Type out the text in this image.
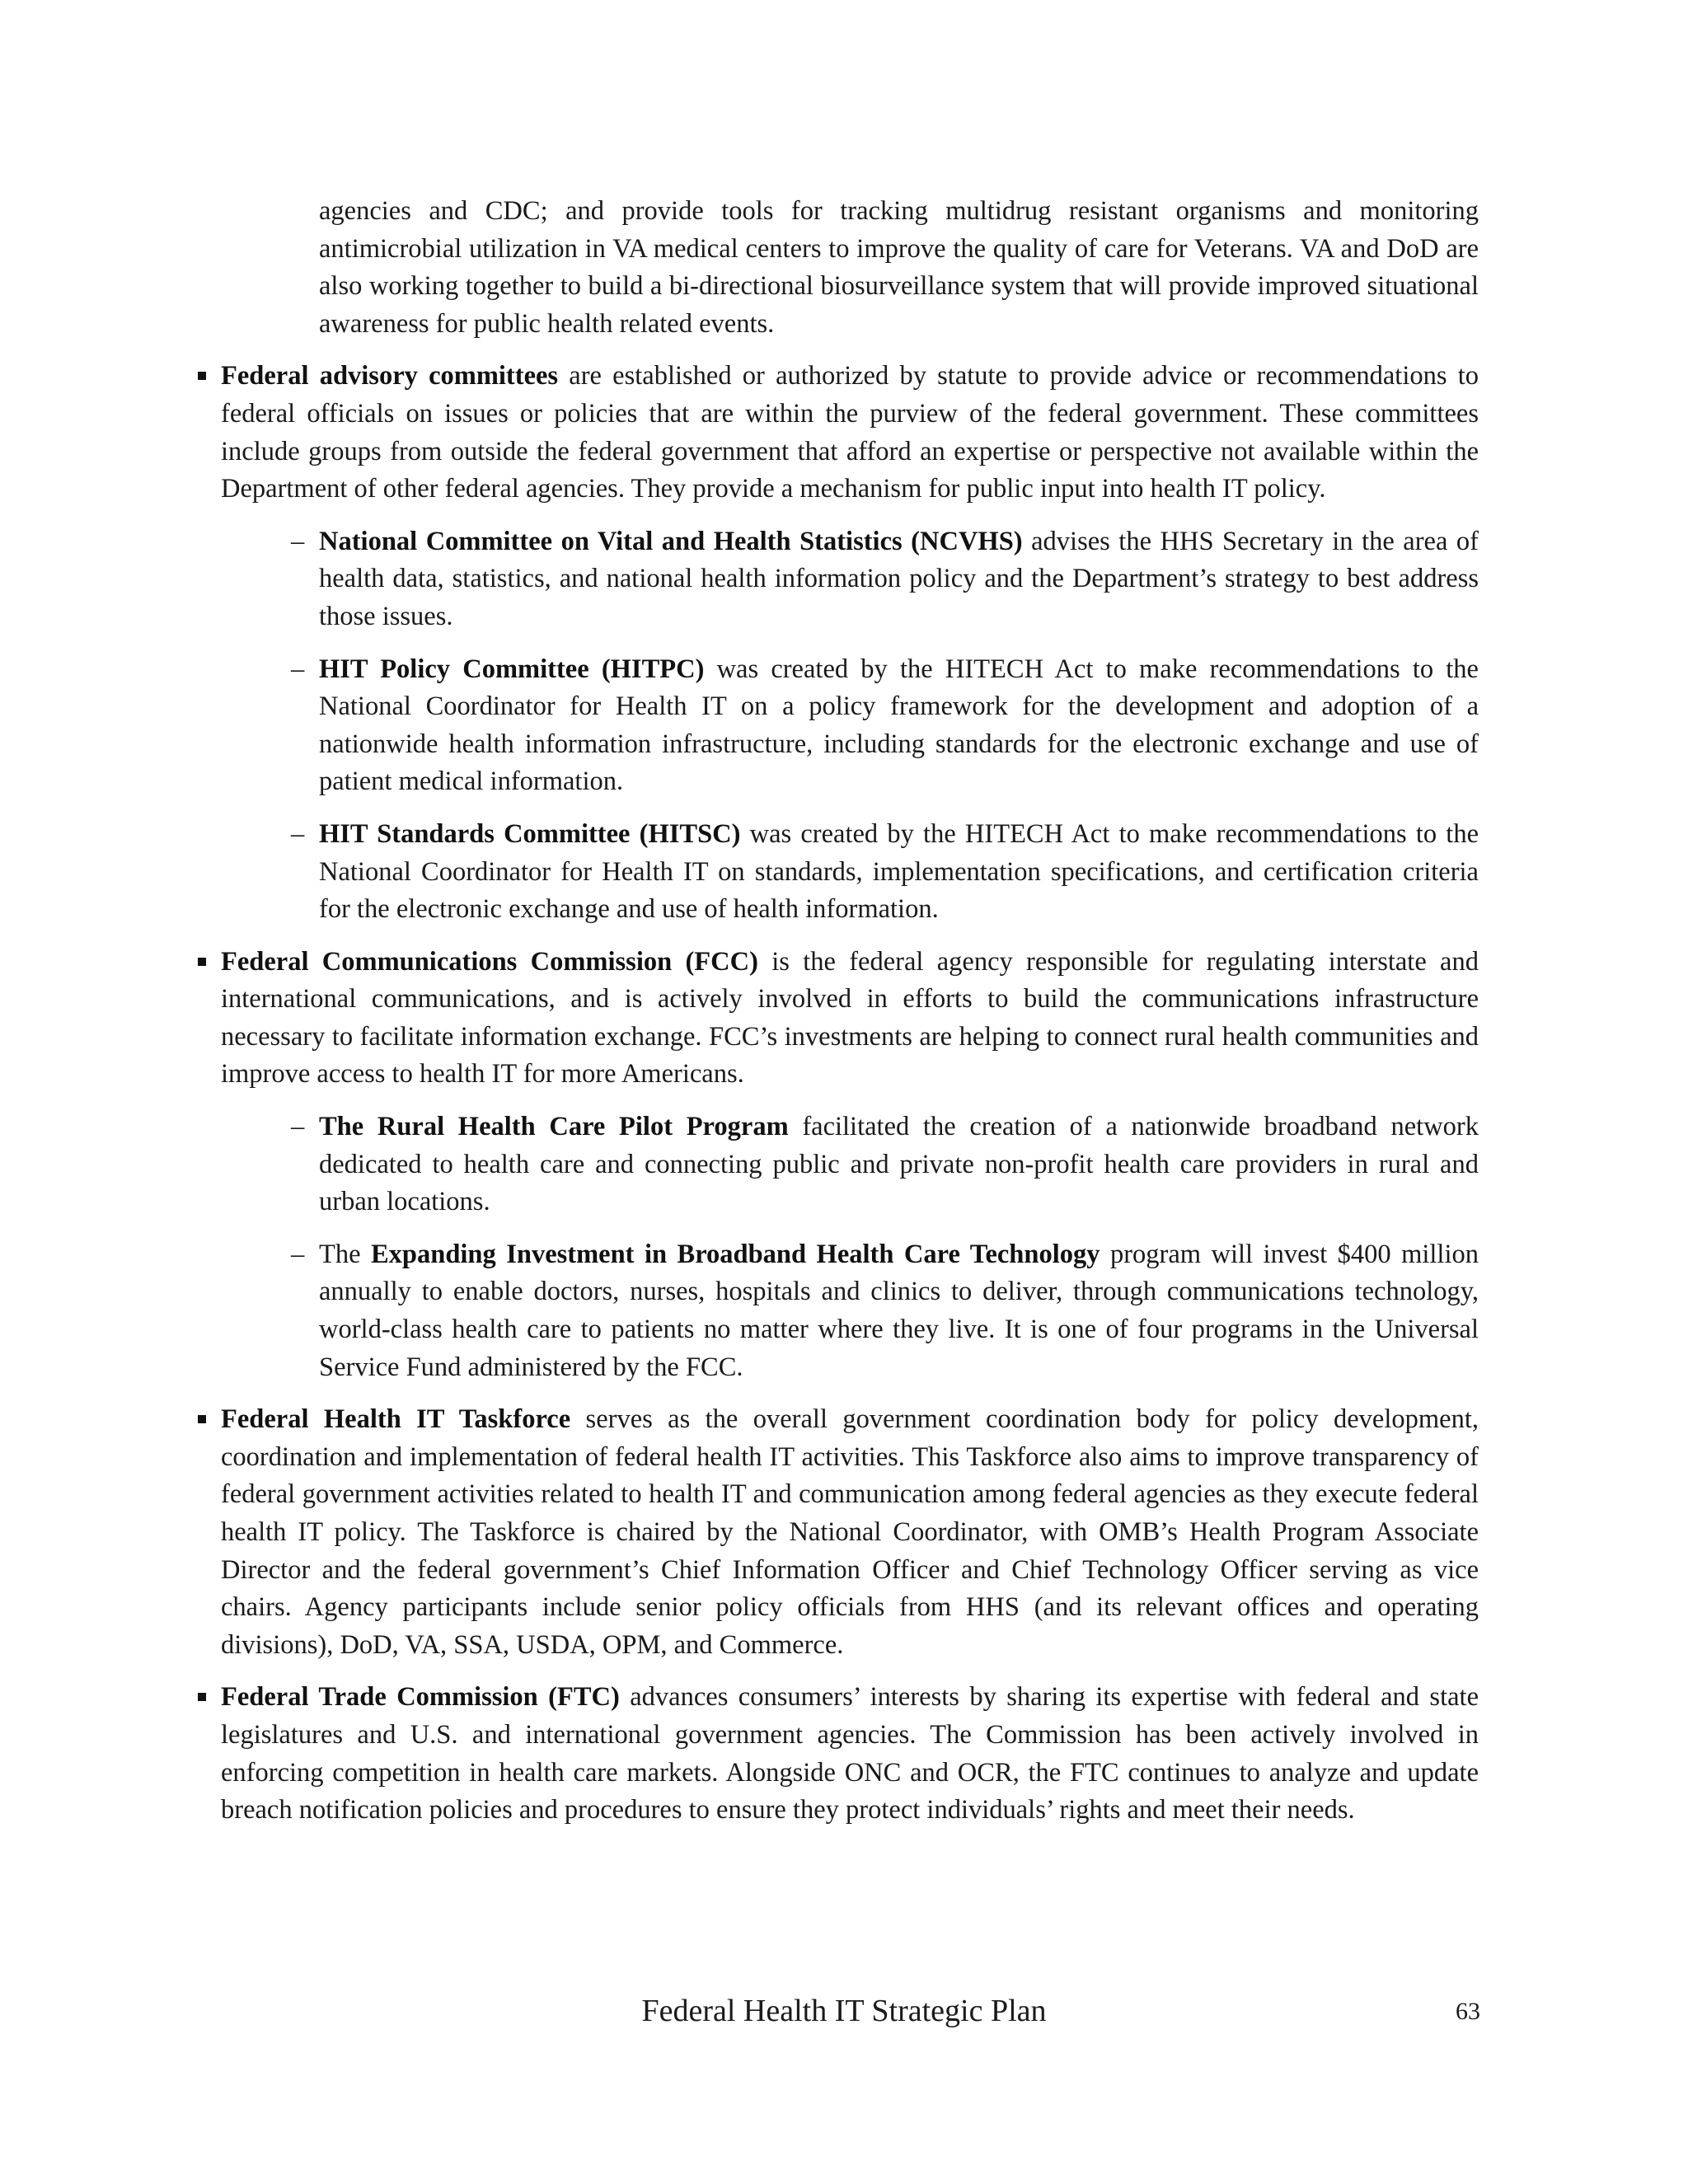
agencies and CDC; and provide tools for tracking multidrug resistant organisms and monitoring antimicrobial utilization in VA medical centers to improve the quality of care for Veterans. VA and DoD are also working together to build a bi-directional biosurveillance system that will provide improved situational awareness for public health related events.

Federal advisory committees are established or authorized by statute to provide advice or recommendations to federal officials on issues or policies that are within the purview of the federal government. These committees include groups from outside the federal government that afford an expertise or perspective not available within the Department of other federal agencies. They provide a mechanism for public input into health IT policy.

– National Committee on Vital and Health Statistics (NCVHS) advises the HHS Secretary in the area of health data, statistics, and national health information policy and the Department’s strategy to best address those issues.

– HIT Policy Committee (HITPC) was created by the HITECH Act to make recommendations to the National Coordinator for Health IT on a policy framework for the development and adoption of a nationwide health information infrastructure, including standards for the electronic exchange and use of patient medical information.

– HIT Standards Committee (HITSC) was created by the HITECH Act to make recommendations to the National Coordinator for Health IT on standards, implementation specifications, and certification criteria for the electronic exchange and use of health information.

Federal Communications Commission (FCC) is the federal agency responsible for regulating interstate and international communications, and is actively involved in efforts to build the communications infrastructure necessary to facilitate information exchange. FCC’s investments are helping to connect rural health communities and improve access to health IT for more Americans.

– The Rural Health Care Pilot Program facilitated the creation of a nationwide broadband network dedicated to health care and connecting public and private non-profit health care providers in rural and urban locations.

– The Expanding Investment in Broadband Health Care Technology program will invest $400 million annually to enable doctors, nurses, hospitals and clinics to deliver, through communications technology, world-class health care to patients no matter where they live. It is one of four programs in the Universal Service Fund administered by the FCC.

Federal Health IT Taskforce serves as the overall government coordination body for policy development, coordination and implementation of federal health IT activities. This Taskforce also aims to improve transparency of federal government activities related to health IT and communication among federal agencies as they execute federal health IT policy. The Taskforce is chaired by the National Coordinator, with OMB’s Health Program Associate Director and the federal government’s Chief Information Officer and Chief Technology Officer serving as vice chairs. Agency participants include senior policy officials from HHS (and its relevant offices and operating divisions), DoD, VA, SSA, USDA, OPM, and Commerce.

Federal Trade Commission (FTC) advances consumers’ interests by sharing its expertise with federal and state legislatures and U.S. and international government agencies. The Commission has been actively involved in enforcing competition in health care markets. Alongside ONC and OCR, the FTC continues to analyze and update breach notification policies and procedures to ensure they protect individuals’ rights and meet their needs.

Federal Health IT Strategic Plan	63
